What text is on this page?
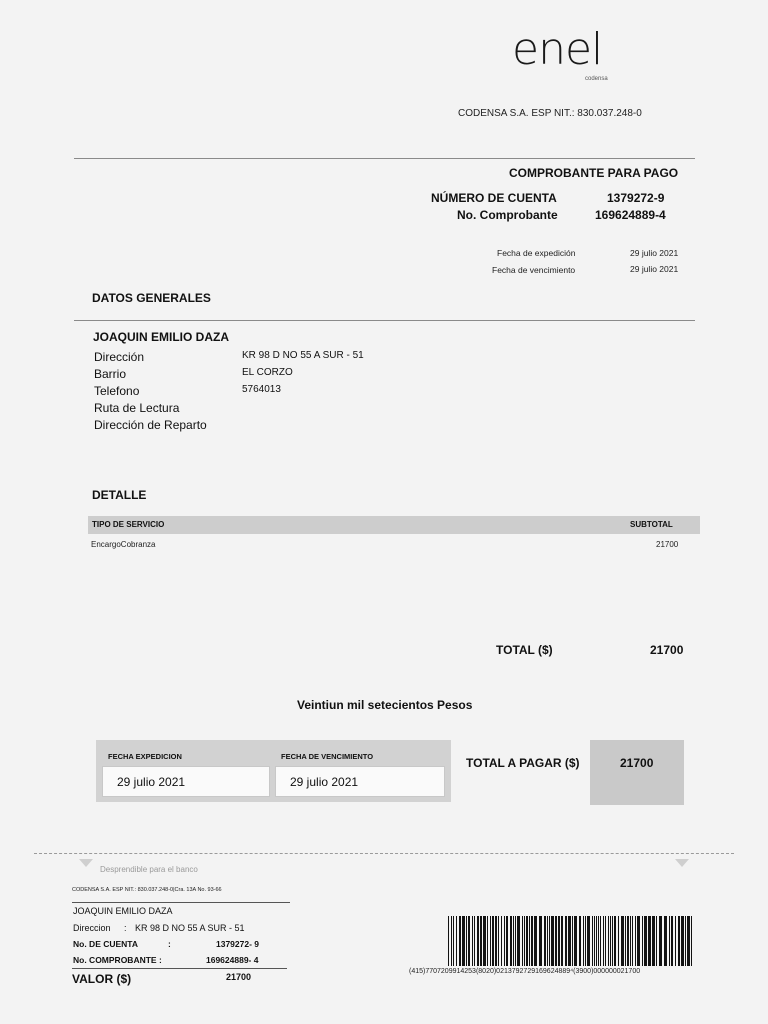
enel
codensa
CODENSA S.A. ESP NIT.: 830.037.248-0
COMPROBANTE PARA PAGO
NÚMERO DE CUENTA	1379272-9
No. Comprobante	169624889-4
Fecha de expedición	29 julio 2021
Fecha de vencimiento	29 julio 2021
DATOS GENERALES
JOAQUIN EMILIO DAZA
Dirección	KR 98 D NO 55 A SUR - 51
Barrio	EL CORZO
Telefono	5764013
Ruta de Lectura
Dirección de Reparto
DETALLE
TIPO DE SERVICIO	SUBTOTAL
EncargoCobranza	21700
TOTAL ($)	21700
Veintiun mil setecientos Pesos
FECHA EXPEDICION	FECHA DE VENCIMIENTO
29 julio 2021	29 julio 2021
TOTAL A PAGAR ($)	21700
Desprendible para el banco
CODENSA S.A. ESP NIT.: 830.037.248-0|Cra. 13A No. 93-66
JOAQUIN EMILIO DAZA
Direccion : KR 98 D NO 55 A SUR - 51
No. DE CUENTA	:	1379272- 9
No. COMPROBANTE :	169624889- 4
VALOR ($)	21700
(415)7707209914253(8020)0213792729169624889⁴(3900)000000021700
